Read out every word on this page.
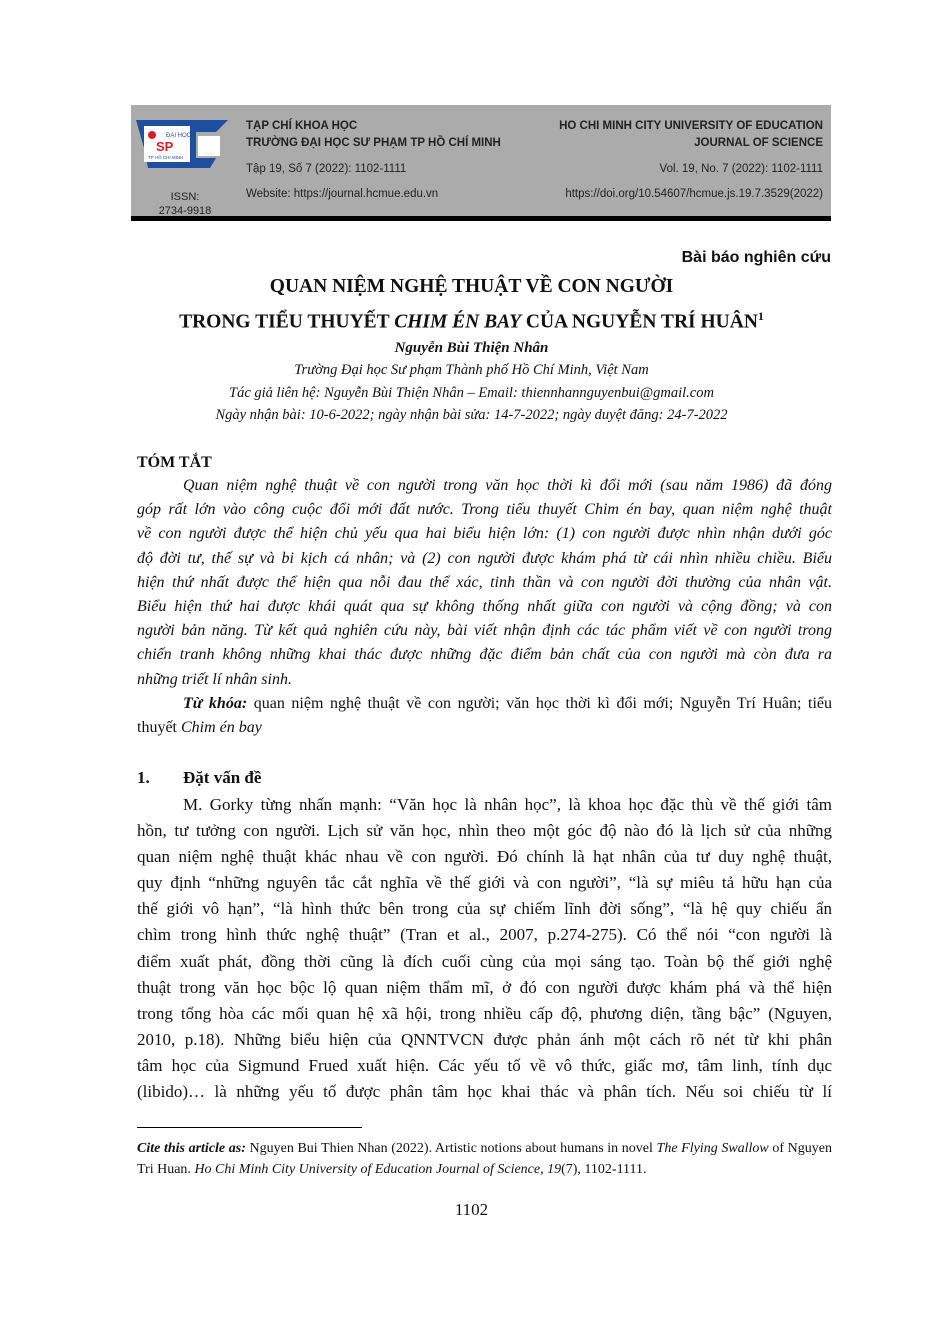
ĐẠI HỌC
SP
TP HỒ CHÍ MINH
ISSN:
2734-9918
TẠP CHÍ KHOA HỌC
TRƯỜNG ĐẠI HỌC SƯ PHẠM TP HỒ CHÍ MINH
Tập 19, Số 7 (2022): 1102-1111
Website: https://journal.hcmue.edu.vn
HO CHI MINH CITY UNIVERSITY OF EDUCATION
JOURNAL OF SCIENCE
Vol. 19, No. 7 (2022): 1102-1111
https://doi.org/10.54607/hcmue.js.19.7.3529(2022)
Bài báo nghiên cứu
QUAN NIỆM NGHỆ THUẬT VỀ CON NGƯỜI
TRONG TIỂU THUYẾT CHIM ÉN BAY CỦA NGUYỄN TRÍ HUÂN$^1$
Nguyễn Bùi Thiện Nhân
Trường Đại học Sư phạm Thành phố Hồ Chí Minh, Việt Nam
Tác giả liên hệ: Nguyễn Bùi Thiện Nhân – Email: thiennhannguyenbui@gmail.com
Ngày nhận bài: 10-6-2022; ngày nhận bài sửa: 14-7-2022; ngày duyệt đăng: 24-7-2022
TÓM TẮT
Quan niệm nghệ thuật về con người trong văn học thời kì đổi mới (sau năm 1986) đã đóng
góp rất lớn vào công cuộc đổi mới đất nước. Trong tiểu thuyết Chim én bay, quan niệm nghệ thuật
về con người được thể hiện chủ yếu qua hai biểu hiện lớn: (1) con người được nhìn nhận dưới góc
độ đời tư, thế sự và bi kịch cá nhân; và (2) con người được khám phá từ cái nhìn nhiều chiều. Biểu
hiện thứ nhất được thể hiện qua nỗi đau thể xác, tinh thần và con người đời thường của nhân vật.
Biểu hiện thứ hai được khái quát qua sự không thống nhất giữa con người và cộng đồng; và con
người bản năng. Từ kết quả nghiên cứu này, bài viết nhận định các tác phẩm viết về con người trong
chiến tranh không những khai thác được những đặc điểm bản chất của con người mà còn đưa ra
những triết lí nhân sinh.
Từ khóa: quan niệm nghệ thuật về con người; văn học thời kì đổi mới; Nguyễn Trí Huân; tiểu
thuyết Chim én bay
1. Đặt vấn đề
M. Gorky từng nhấn mạnh: “Văn học là nhân học”, là khoa học đặc thù về thế giới tâm
hồn, tư tưởng con người. Lịch sử văn học, nhìn theo một góc độ nào đó là lịch sử của những
quan niệm nghệ thuật khác nhau về con người. Đó chính là hạt nhân của tư duy nghệ thuật,
quy định “những nguyên tắc cắt nghĩa về thế giới và con người”, “là sự miêu tả hữu hạn của
thế giới vô hạn”, “là hình thức bên trong của sự chiếm lĩnh đời sống”, “là hệ quy chiếu ẩn
chìm trong hình thức nghệ thuật” (Tran et al., 2007, p.274-275). Có thể nói “con người là
điểm xuất phát, đồng thời cũng là đích cuối cùng của mọi sáng tạo. Toàn bộ thế giới nghệ
thuật trong văn học bộc lộ quan niệm thẩm mĩ, ở đó con người được khám phá và thể hiện
trong tổng hòa các mối quan hệ xã hội, trong nhiều cấp độ, phương diện, tầng bậc” (Nguyen,
2010, p.18). Những biểu hiện của QNNTVCN được phản ánh một cách rõ nét từ khi phân
tâm học của Sigmund Frued xuất hiện. Các yếu tố về vô thức, giấc mơ, tâm linh, tính dục
(libido)… là những yếu tố được phân tâm học khai thác và phân tích. Nếu soi chiếu từ lí
Cite this article as: Nguyen Bui Thien Nhan (2022). Artistic notions about humans in novel The Flying Swallow of Nguyen Tri Huan. Ho Chi Minh City University of Education Journal of Science, 19(7), 1102-1111.
1102
